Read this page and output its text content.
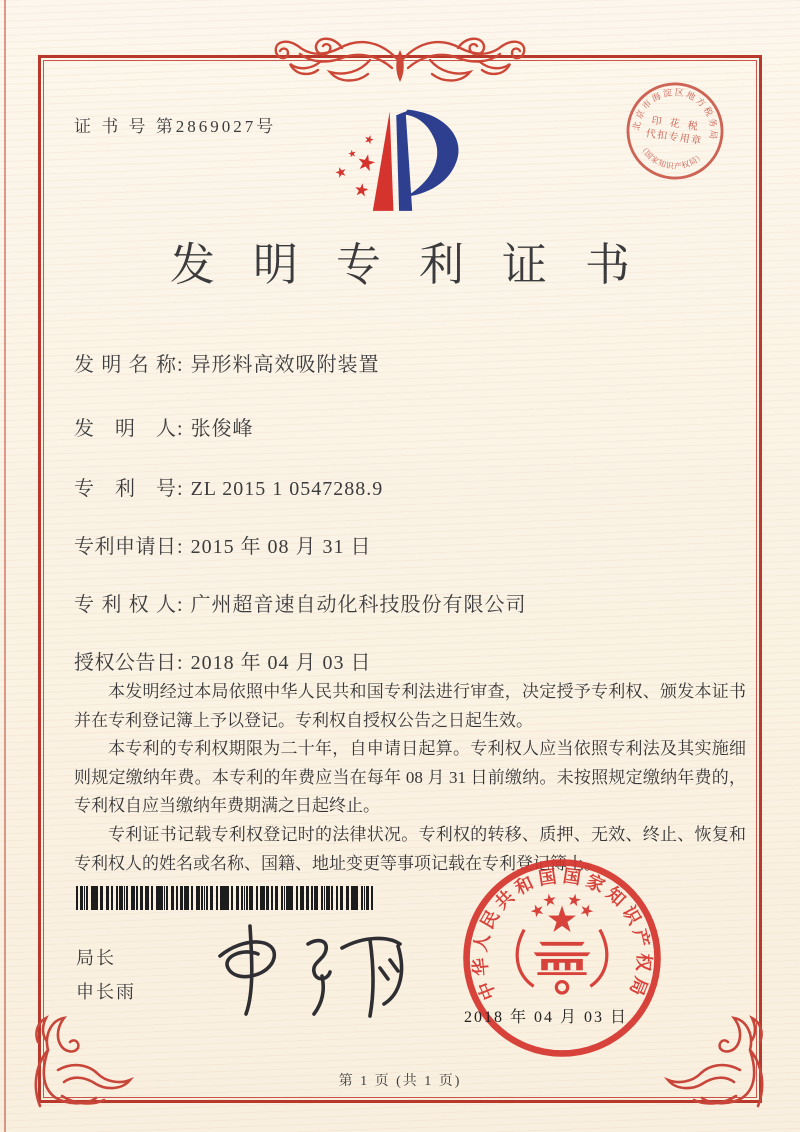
证 书 号 第2869027号	北京市海淀区地方税务局
印 花 税
代扣专用章
（国家知识产权局）
发明专利证书
发明名称: 异形料高效吸附装置
发明人: 张俊峰
专利号: ZL 2015 1 0547288.9
专利申请日: 2015 年 08 月 31 日
专利权人: 广州超音速自动化科技股份有限公司
授权公告日: 2018 年 04 月 03 日

本发明经过本局依照中华人民共和国专利法进行审查，决定授予专利权、颁发本证书并在专利登记簿上予以登记。专利权自授权公告之日起生效。

本专利的专利权期限为二十年，自申请日起算。专利权人应当依照专利法及其实施细则规定缴纳年费。本专利的年费应当在每年 08 月 31 日前缴纳。未按照规定缴纳年费的，专利权自应当缴纳年费期满之日起终止。

专利证书记载专利权登记时的法律状况。专利权的转移、质押、无效、终止、恢复和专利权人的姓名或名称、国籍、地址变更等事项记载在专利登记簿上。

局长
申长雨	中华人民共和国国家知识产权局
2018 年 04 月 03 日
第 1 页 (共 1 页)
